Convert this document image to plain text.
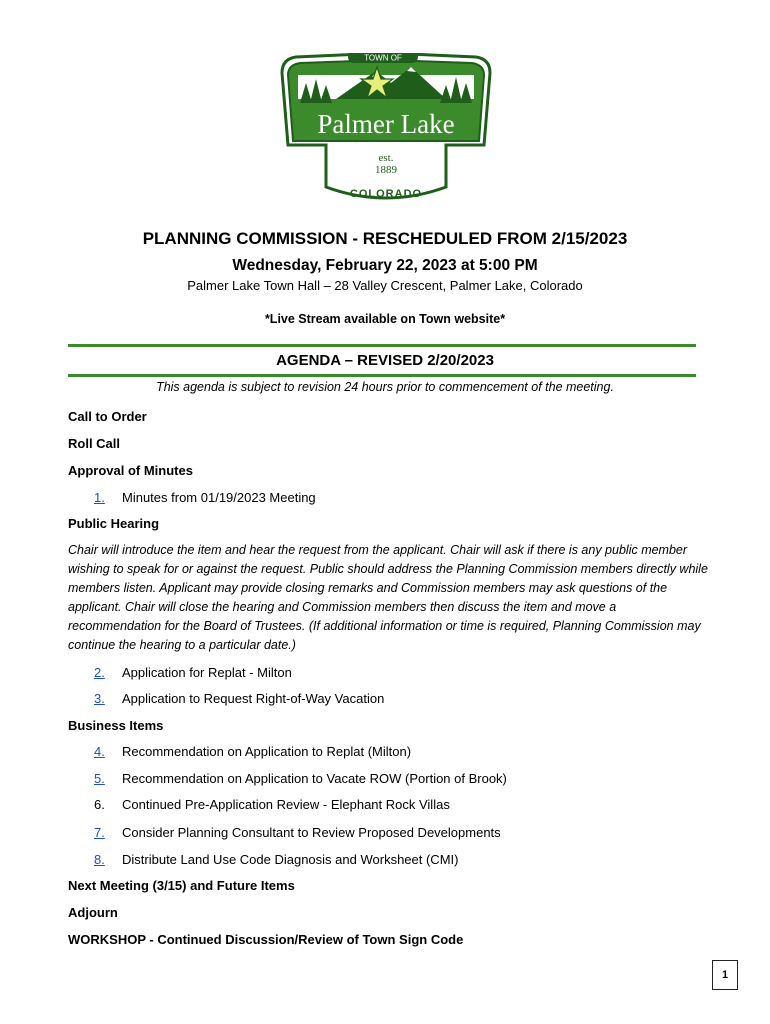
TOWN OF
Palmer Lake
est.
1889
COLORADO
PLANNING COMMISSION - RESCHEDULED FROM 2/15/2023
Wednesday, February 22, 2023 at 5:00 PM
Palmer Lake Town Hall – 28 Valley Crescent, Palmer Lake, Colorado
*Live Stream available on Town website*
AGENDA – REVISED 2/20/2023
This agenda is subject to revision 24 hours prior to commencement of the meeting.
Call to Order
Roll Call
Approval of Minutes
1.	Minutes from 01/19/2023 Meeting
Public Hearing
Chair will introduce the item and hear the request from the applicant. Chair will ask if there is any public member wishing to speak for or against the request. Public should address the Planning Commission members directly while members listen. Applicant may provide closing remarks and Commission members may ask questions of the applicant. Chair will close the hearing and Commission members then discuss the item and move a recommendation for the Board of Trustees. (If additional information or time is required, Planning Commission may continue the hearing to a particular date.)
2.	Application for Replat - Milton
3.	Application to Request Right-of-Way Vacation
Business Items
4.	Recommendation on Application to Replat (Milton)
5.	Recommendation on Application to Vacate ROW (Portion of Brook)
6.	Continued Pre-Application Review - Elephant Rock Villas
7.	Consider Planning Consultant to Review Proposed Developments
8.	Distribute Land Use Code Diagnosis and Worksheet (CMI)
Next Meeting (3/15) and Future Items
Adjourn
WORKSHOP - Continued Discussion/Review of Town Sign Code
1
